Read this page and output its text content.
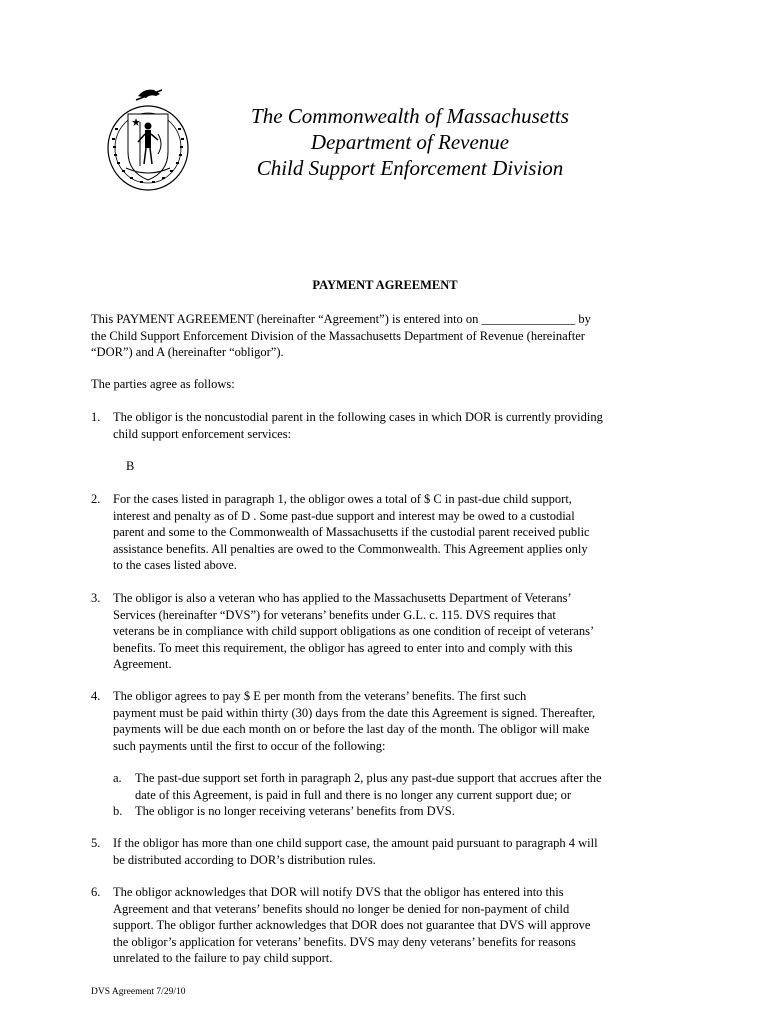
The Commonwealth of Massachusetts
Department of Revenue
Child Support Enforcement Division
PAYMENT AGREEMENT
This PAYMENT AGREEMENT (hereinafter “Agreement”) is entered into on _______________ by
the Child Support Enforcement Division of the Massachusetts Department of Revenue (hereinafter
“DOR”) and A (hereinafter “obligor”).
The parties agree as follows:
1. The obligor is the noncustodial parent in the following cases in which DOR is currently providing
child support enforcement services:
B
2. For the cases listed in paragraph 1, the obligor owes a total of $ C in past-due child support,
interest and penalty as of D . Some past-due support and interest may be owed to a custodial
parent and some to the Commonwealth of Massachusetts if the custodial parent received public
assistance benefits. All penalties are owed to the Commonwealth. This Agreement applies only
to the cases listed above.
3. The obligor is also a veteran who has applied to the Massachusetts Department of Veterans’
Services (hereinafter “DVS”) for veterans’ benefits under G.L. c. 115. DVS requires that
veterans be in compliance with child support obligations as one condition of receipt of veterans’
benefits. To meet this requirement, the obligor has agreed to enter into and comply with this
Agreement.
4. The obligor agrees to pay $ E per month from the veterans’ benefits. The first such
payment must be paid within thirty (30) days from the date this Agreement is signed. Thereafter,
payments will be due each month on or before the last day of the month. The obligor will make
such payments until the first to occur of the following:
a. The past-due support set forth in paragraph 2, plus any past-due support that accrues after the
date of this Agreement, is paid in full and there is no longer any current support due; or
b. The obligor is no longer receiving veterans’ benefits from DVS.
5. If the obligor has more than one child support case, the amount paid pursuant to paragraph 4 will
be distributed according to DOR’s distribution rules.
6. The obligor acknowledges that DOR will notify DVS that the obligor has entered into this
Agreement and that veterans’ benefits should no longer be denied for non-payment of child
support. The obligor further acknowledges that DOR does not guarantee that DVS will approve
the obligor’s application for veterans’ benefits. DVS may deny veterans’ benefits for reasons
unrelated to the failure to pay child support.
DVS Agreement 7/29/10
